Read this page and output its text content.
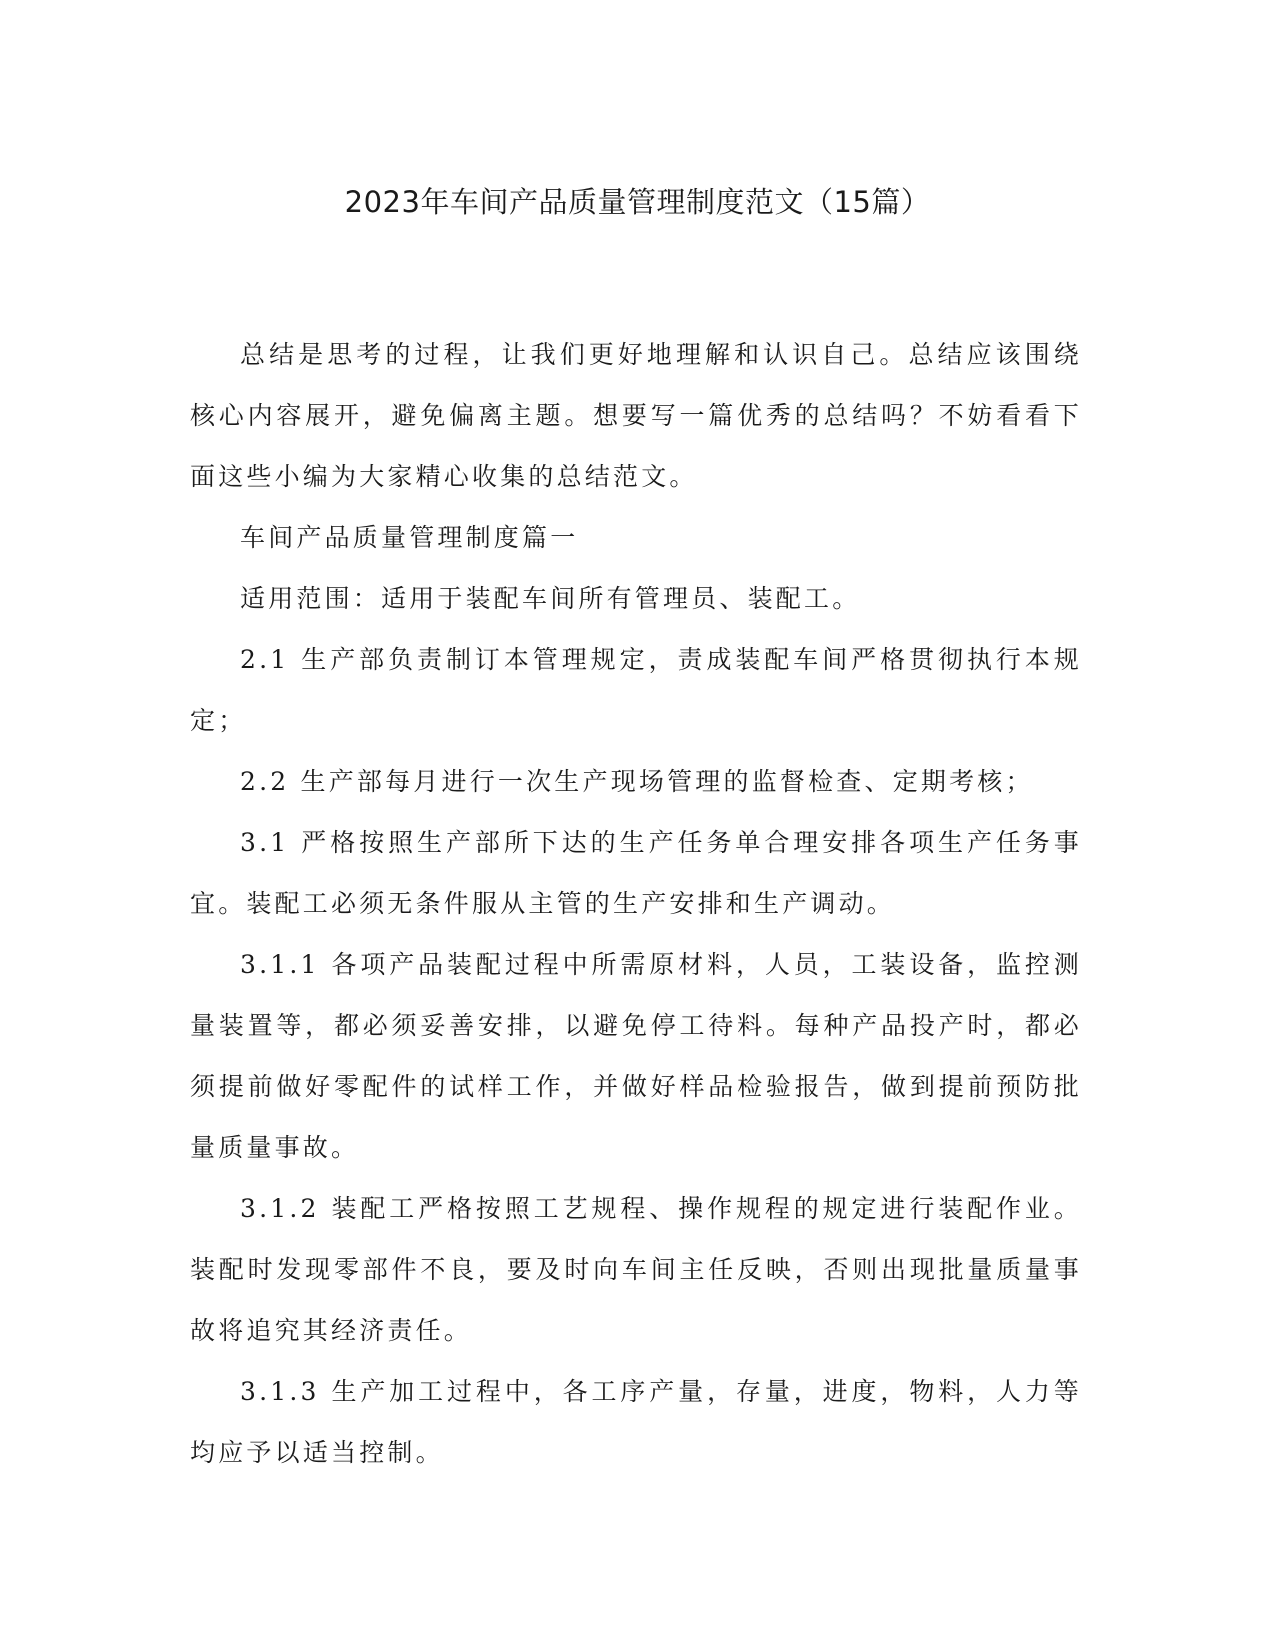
2023年车间产品质量管理制度范文（15篇）

总结是思考的过程，让我们更好地理解和认识自己。总结应该围绕核心内容展开，避免偏离主题。想要写一篇优秀的总结吗？不妨看看下面这些小编为大家精心收集的总结范文。

车间产品质量管理制度篇一

适用范围：适用于装配车间所有管理员、装配工。

2.1 生产部负责制订本管理规定，责成装配车间严格贯彻执行本规定；

2.2 生产部每月进行一次生产现场管理的监督检查、定期考核；

3.1 严格按照生产部所下达的生产任务单合理安排各项生产任务事宜。装配工必须无条件服从主管的生产安排和生产调动。

3.1.1 各项产品装配过程中所需原材料，人员，工装设备，监控测量装置等，都必须妥善安排，以避免停工待料。每种产品投产时，都必须提前做好零配件的试样工作，并做好样品检验报告，做到提前预防批量质量事故。

3.1.2 装配工严格按照工艺规程、操作规程的规定进行装配作业。装配时发现零部件不良，要及时向车间主任反映，否则出现批量质量事故将追究其经济责任。

3.1.3 生产加工过程中，各工序产量，存量，进度，物料，人力等均应予以适当控制。
